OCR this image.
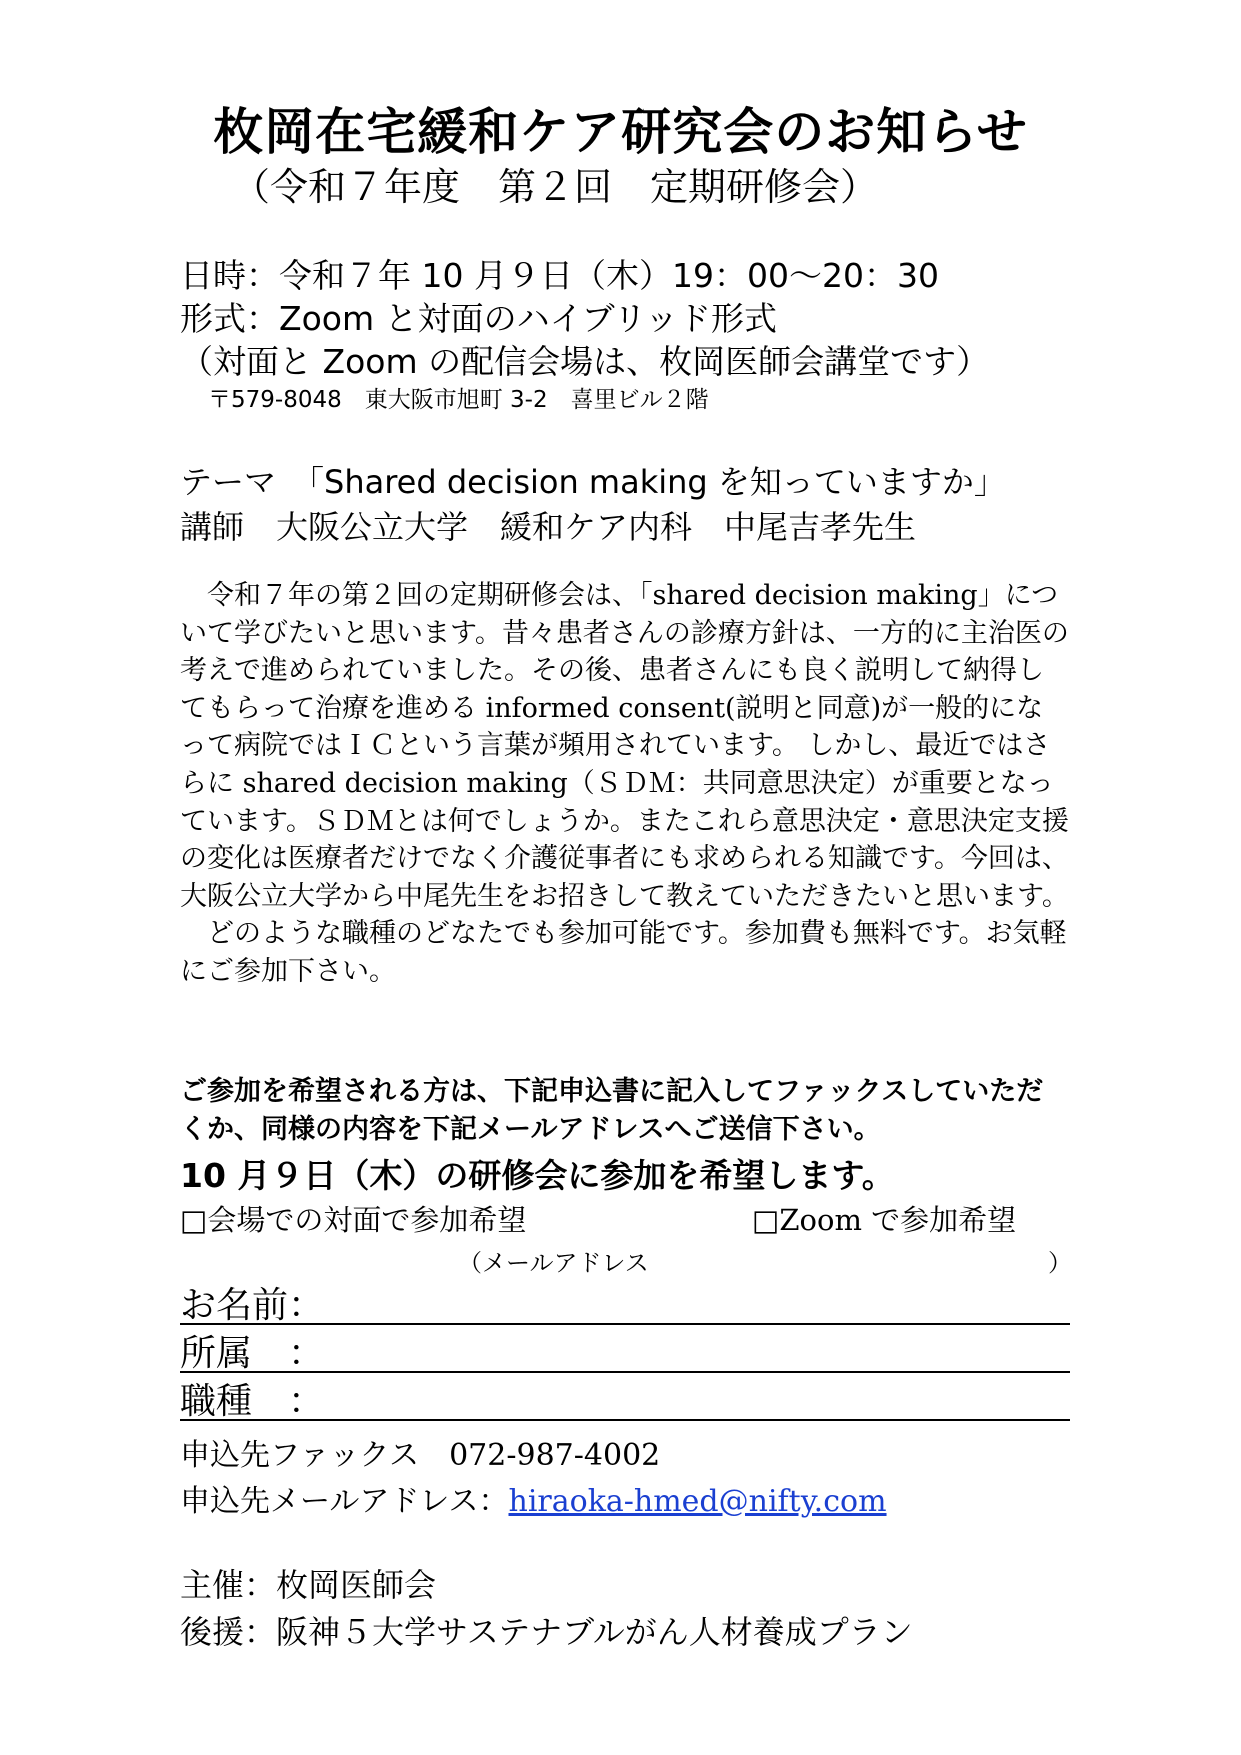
枚岡在宅緩和ケア研究会のお知らせ
（令和７年度　第２回　定期研修会）
日時：令和７年 10 月９日（木）19：00～20：30
形式：Zoom と対面のハイブリッド形式
（対面と Zoom の配信会場は、枚岡医師会講堂です）
〒579-8048　東大阪市旭町 3-2　喜里ビル２階
テーマ　「Shared decision making を知っていますか」
講師　大阪公立大学　緩和ケア内科　中尾吉孝先生
　令和７年の第２回の定期研修会は、「shared decision making」について学びたいと思います。昔々患者さんの診療方針は、一方的に主治医の考えで進められていました。その後、患者さんにも良く説明して納得してもらって治療を進める informed consent(説明と同意)が一般的になって病院ではＩＣという言葉が頻用されています。 しかし、最近ではさらに shared decision making（ＳＤＭ：共同意思決定）が重要となっています。ＳＤＭとは何でしょうか。またこれら意思決定・意思決定支援の変化は医療者だけでなく介護従事者にも求められる知識です。今回は、大阪公立大学から中尾先生をお招きして教えていただきたいと思います。
　どのような職種のどなたでも参加可能です。参加費も無料です。お気軽にご参加下さい。
ご参加を希望される方は、下記申込書に記入してファックスしていただくか、同様の内容を下記メールアドレスへご送信下さい。
10 月９日（木）の研修会に参加を希望します。
□会場での対面で参加希望	□Zoom で参加希望
（メールアドレス	）
お名前：
所属　：
職種　：
申込先ファックス　072-987-4002
申込先メールアドレス：hiraoka-hmed@nifty.com
主催：枚岡医師会
後援：阪神５大学サステナブルがん人材養成プラン
